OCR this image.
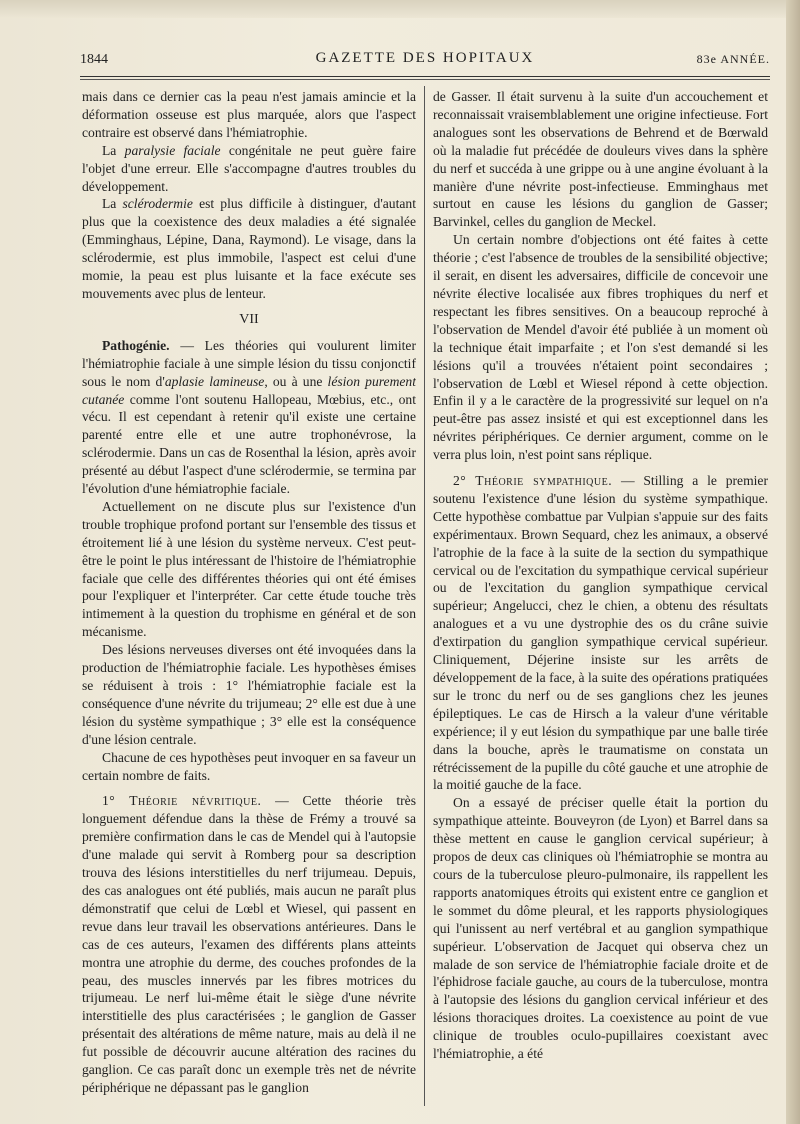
1844	GAZETTE DES HOPITAUX	83e ANNÉE.

mais dans ce dernier cas la peau n'est jamais amincie et la déformation osseuse est plus marquée, alors que l'aspect contraire est observé dans l'hémiatrophie.

La paralysie faciale congénitale ne peut guère faire l'objet d'une erreur. Elle s'accompagne d'autres troubles du développement.

La sclérodermie est plus difficile à distinguer, d'autant plus que la coexistence des deux maladies a été signalée (Emminghaus, Lépine, Dana, Raymond). Le visage, dans la sclérodermie, est plus immobile, l'aspect est celui d'une momie, la peau est plus luisante et la face exécute ses mouvements avec plus de lenteur.

VII

Pathogénie. — Les théories qui voulurent limiter l'hémiatrophie faciale à une simple lésion du tissu conjonctif sous le nom d'aplasie lamineuse, ou à une lésion purement cutanée comme l'ont soutenu Hallopeau, Mœbius, etc., ont vécu. Il est cependant à retenir qu'il existe une certaine parenté entre elle et une autre trophonévrose, la sclérodermie. Dans un cas de Rosenthal la lésion, après avoir présenté au début l'aspect d'une sclérodermie, se termina par l'évolution d'une hémiatrophie faciale.

Actuellement on ne discute plus sur l'existence d'un trouble trophique profond portant sur l'ensemble des tissus et étroitement lié à une lésion du système nerveux. C'est peut-être le point le plus intéressant de l'histoire de l'hémiatrophie faciale que celle des différentes théories qui ont été émises pour l'expliquer et l'interpréter. Car cette étude touche très intimement à la question du trophisme en général et de son mécanisme.

Des lésions nerveuses diverses ont été invoquées dans la production de l'hémiatrophie faciale. Les hypothèses émises se réduisent à trois : 1° l'hémiatrophie faciale est la conséquence d'une névrite du trijumeau; 2° elle est due à une lésion du système sympathique ; 3° elle est la conséquence d'une lésion centrale.

Chacune de ces hypothèses peut invoquer en sa faveur un certain nombre de faits.

1° Théorie névritique. — Cette théorie très longuement défendue dans la thèse de Frémy a trouvé sa première confirmation dans le cas de Mendel qui à l'autopsie d'une malade qui servit à Romberg pour sa description trouva des lésions interstitielles du nerf trijumeau. Depuis, des cas analogues ont été publiés, mais aucun ne paraît plus démonstratif que celui de Lœbl et Wiesel, qui passent en revue dans leur travail les observations antérieures. Dans le cas de ces auteurs, l'examen des différents plans atteints montra une atrophie du derme, des couches profondes de la peau, des muscles innervés par les fibres motrices du trijumeau. Le nerf lui-même était le siège d'une névrite interstitielle des plus caractérisées ; le ganglion de Gasser présentait des altérations de même nature, mais au delà il ne fut possible de découvrir aucune altération des racines du ganglion. Ce cas paraît donc un exemple très net de névrite périphérique ne dépassant pas le ganglion

de Gasser. Il était survenu à la suite d'un accouchement et reconnaissait vraisemblablement une origine infectieuse. Fort analogues sont les observations de Behrend et de Bœrwald où la maladie fut précédée de douleurs vives dans la sphère du nerf et succéda à une grippe ou à une angine évoluant à la manière d'une névrite post-infectieuse. Emminghaus met surtout en cause les lésions du ganglion de Gasser; Barvinkel, celles du ganglion de Meckel.

Un certain nombre d'objections ont été faites à cette théorie ; c'est l'absence de troubles de la sensibilité objective; il serait, en disent les adversaires, difficile de concevoir une névrite élective localisée aux fibres trophiques du nerf et respectant les fibres sensitives. On a beaucoup reproché à l'observation de Mendel d'avoir été publiée à un moment où la technique était imparfaite ; et l'on s'est demandé si les lésions qu'il a trouvées n'étaient point secondaires ; l'observation de Lœbl et Wiesel répond à cette objection. Enfin il y a le caractère de la progressivité sur lequel on n'a peut-être pas assez insisté et qui est exceptionnel dans les névrites périphériques. Ce dernier argument, comme on le verra plus loin, n'est point sans réplique.

2° Théorie sympathique. — Stilling a le premier soutenu l'existence d'une lésion du système sympathique. Cette hypothèse combattue par Vulpian s'appuie sur des faits expérimentaux. Brown Sequard, chez les animaux, a observé l'atrophie de la face à la suite de la section du sympathique cervical ou de l'excitation du sympathique cervical supérieur ou de l'excitation du ganglion sympathique cervical supérieur; Angelucci, chez le chien, a obtenu des résultats analogues et a vu une dystrophie des os du crâne suivie d'extirpation du ganglion sympathique cervical supérieur. Cliniquement, Déjerine insiste sur les arrêts de développement de la face, à la suite des opérations pratiquées sur le tronc du nerf ou de ses ganglions chez les jeunes épileptiques. Le cas de Hirsch a la valeur d'une véritable expérience; il y eut lésion du sympathique par une balle tirée dans la bouche, après le traumatisme on constata un rétrécissement de la pupille du côté gauche et une atrophie de la moitié gauche de la face.

On a essayé de préciser quelle était la portion du sympathique atteinte. Bouveyron (de Lyon) et Barrel dans sa thèse mettent en cause le ganglion cervical supérieur; à propos de deux cas cliniques où l'hémiatrophie se montra au cours de la tuberculose pleuro-pulmonaire, ils rappellent les rapports anatomiques étroits qui existent entre ce ganglion et le sommet du dôme pleural, et les rapports physiologiques qui l'unissent au nerf vertébral et au ganglion sympathique supérieur. L'observation de Jacquet qui observa chez un malade de son service de l'hémiatrophie faciale droite et de l'éphidrose faciale gauche, au cours de la tuberculose, montra à l'autopsie des lésions du ganglion cervical inférieur et des lésions thoraciques droites. La coexistence au point de vue clinique de troubles oculo-pupillaires coexistant avec l'hémiatrophie, a été
